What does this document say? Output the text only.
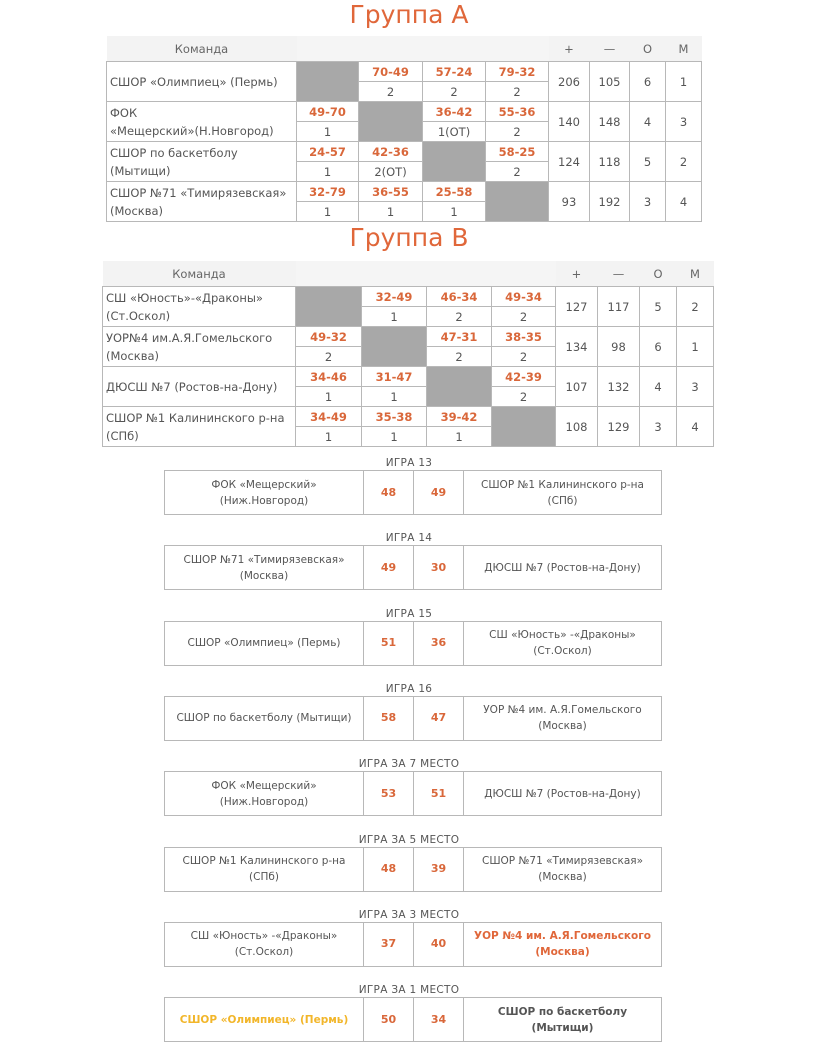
Группа А
Команда					+	—	О	М
СШОР «Олимпиец» (Пермь)		70-49	57-24	79-32	206	105	6	1
		2	2	2				
ФОК
«Мещерский»(Н.Новгород)	49-70		36-42	55-36	140	148	4	3
	1		1(ОТ)	2				
СШОР по баскетболу
(Мытищи)	24-57	42-36		58-25	124	118	5	2
	1	2(ОТ)		2				
СШОР №71 «Тимирязевская»
(Москва)	32-79	36-55	25-58		93	192	3	4
	1	1	1					
Группа В
Команда					+	—	О	М
СШ «Юность»-«Драконы»
(Ст.Оскол)		32-49	46-34	49-34	127	117	5	2
		1	2	2				
УОР№4 им.А.Я.Гомельского
(Москва)	49-32		47-31	38-35	134	98	6	1
	2		2	2				
ДЮСШ №7 (Ростов-на-Дону)	34-46	31-47		42-39	107	132	4	3
	1	1		2				
СШОР №1 Калининского р-на
(СПб)	34-49	35-38	39-42		108	129	3	4
	1	1	1					
ИГРА 13
ФОК «Мещерский»
(Ниж.Новгород)	48	49	СШОР №1 Калининского р-на
(СПб)
ИГРА 14
СШОР №71 «Тимирязевская»
(Москва)	49	30	ДЮСШ №7 (Ростов-на-Дону)
ИГРА 15
СШОР «Олимпиец» (Пермь)	51	36	СШ «Юность» -«Драконы»
(Ст.Оскол)
ИГРА 16
СШОР по баскетболу (Мытищи)	58	47	УОР №4 им. А.Я.Гомельского
(Москва)
ИГРА ЗА 7 МЕСТО
ФОК «Мещерский»
(Ниж.Новгород)	53	51	ДЮСШ №7 (Ростов-на-Дону)
ИГРА ЗА 5 МЕСТО
СШОР №1 Калининского р-на
(СПб)	48	39	СШОР №71 «Тимирязевская»
(Москва)
ИГРА ЗА 3 МЕСТО
СШ «Юность» -«Драконы»
(Ст.Оскол)	37	40	УОР №4 им. А.Я.Гомельского
(Москва)
ИГРА ЗА 1 МЕСТО
СШОР «Олимпиец» (Пермь)	50	34	СШОР по баскетболу (Мытищи)
